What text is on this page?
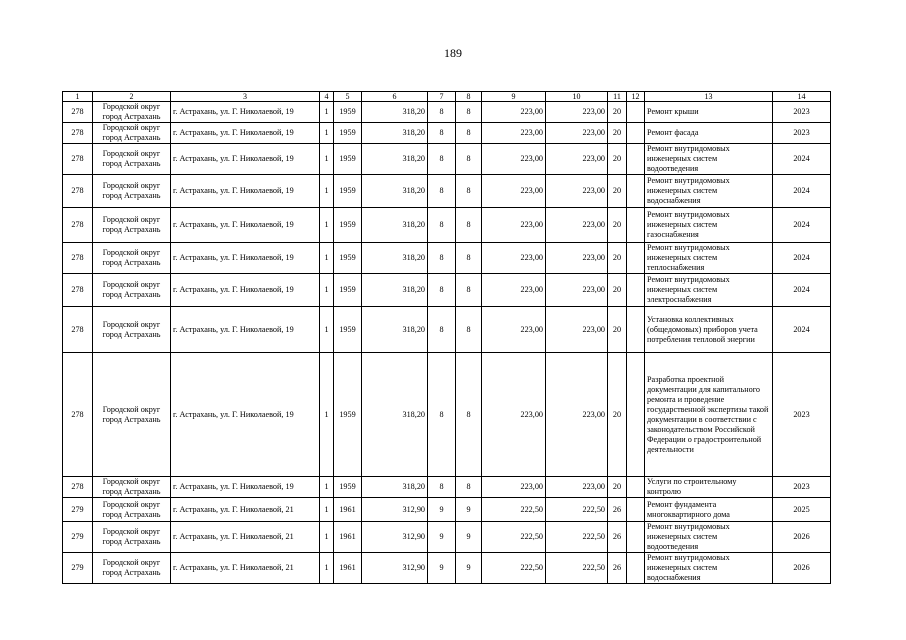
189
1	2	3	4	5	6	7	8	9	10	11	12	13	14
278	Городской округ город Астрахань	г. Астрахань, ул. Г. Николаевой, 19	1	1959	318,20	8	8	223,00	223,00	20		Ремонт крыши	2023
278	Городской округ город Астрахань	г. Астрахань, ул. Г. Николаевой, 19	1	1959	318,20	8	8	223,00	223,00	20		Ремонт фасада	2023
278	Городской округ город Астрахань	г. Астрахань, ул. Г. Николаевой, 19	1	1959	318,20	8	8	223,00	223,00	20		Ремонт внутридомовых инженерных систем водоотведения	2024
278	Городской округ город Астрахань	г. Астрахань, ул. Г. Николаевой, 19	1	1959	318,20	8	8	223,00	223,00	20		Ремонт внутридомовых инженерных систем водоснабжения	2024
278	Городской округ город Астрахань	г. Астрахань, ул. Г. Николаевой, 19	1	1959	318,20	8	8	223,00	223,00	20		Ремонт внутридомовых инженерных систем газоснабжения	2024
278	Городской округ город Астрахань	г. Астрахань, ул. Г. Николаевой, 19	1	1959	318,20	8	8	223,00	223,00	20		Ремонт внутридомовых инженерных систем теплоснабжения	2024
278	Городской округ город Астрахань	г. Астрахань, ул. Г. Николаевой, 19	1	1959	318,20	8	8	223,00	223,00	20		Ремонт внутридомовых инженерных систем электроснабжения	2024
278	Городской округ город Астрахань	г. Астрахань, ул. Г. Николаевой, 19	1	1959	318,20	8	8	223,00	223,00	20		Установка коллективных (общедомовых) приборов учета потребления тепловой энергии	2024
278	Городской округ город Астрахань	г. Астрахань, ул. Г. Николаевой, 19	1	1959	318,20	8	8	223,00	223,00	20		Разработка проектной документации для капитального ремонта и проведение государственной экспертизы такой документации в соответствии с законодательством Российской Федерации о градостроительной деятельности	2023
278	Городской округ город Астрахань	г. Астрахань, ул. Г. Николаевой, 19	1	1959	318,20	8	8	223,00	223,00	20		Услуги по строительному контролю	2023
279	Городской округ город Астрахань	г. Астрахань, ул. Г. Николаевой, 21	1	1961	312,90	9	9	222,50	222,50	26		Ремонт фундамента многоквартирного дома	2025
279	Городской округ город Астрахань	г. Астрахань, ул. Г. Николаевой, 21	1	1961	312,90	9	9	222,50	222,50	26		Ремонт внутридомовых инженерных систем водоотведения	2026
279	Городской округ город Астрахань	г. Астрахань, ул. Г. Николаевой, 21	1	1961	312,90	9	9	222,50	222,50	26		Ремонт внутридомовых инженерных систем водоснабжения	2026
